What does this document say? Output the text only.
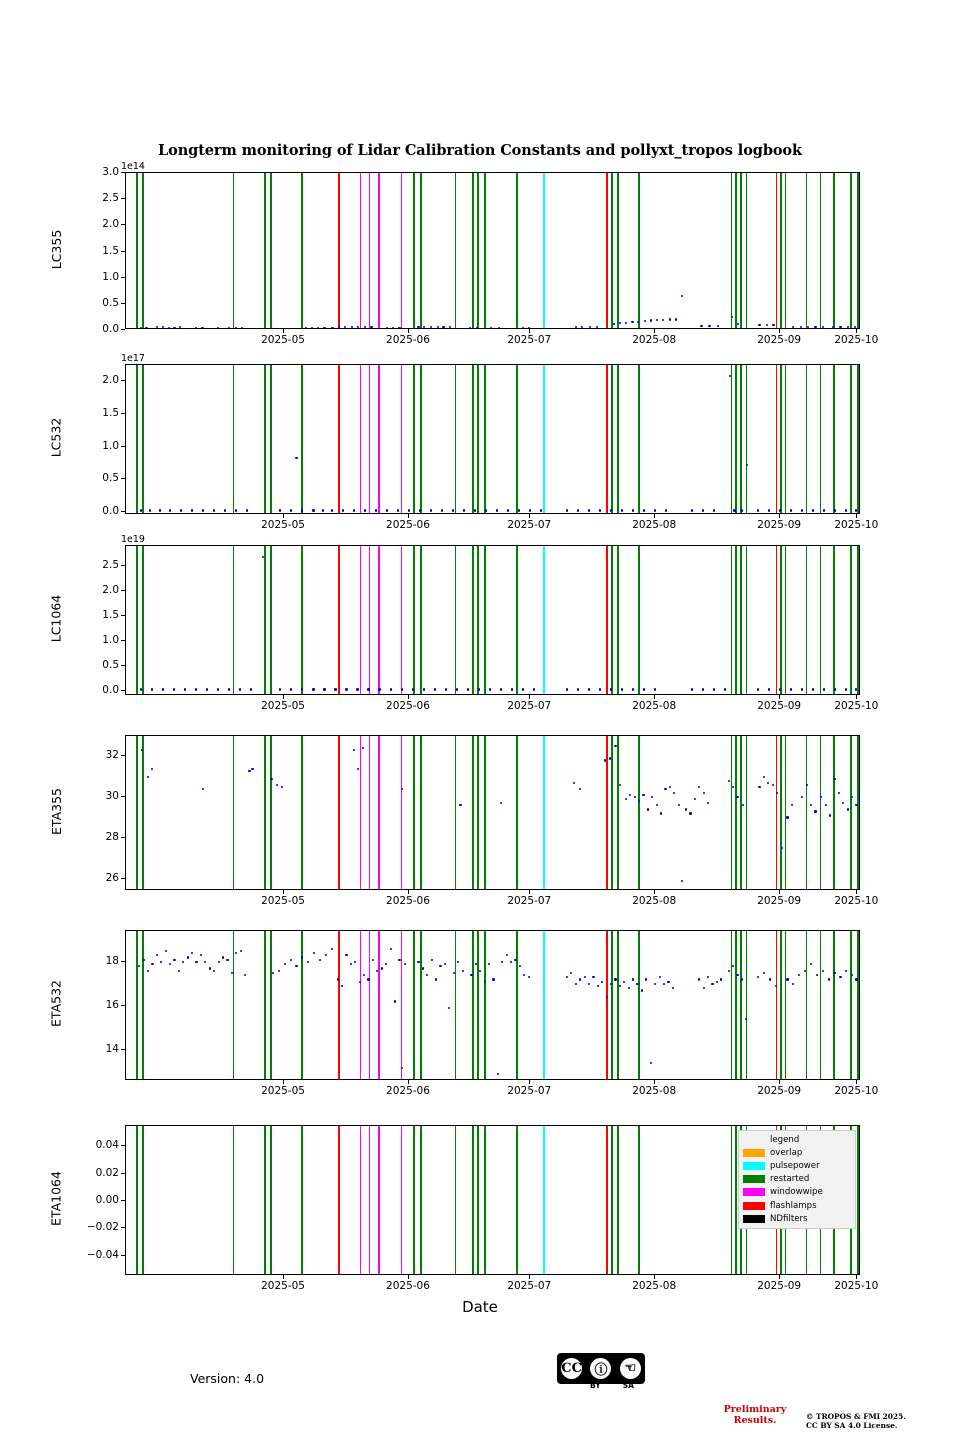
Longterm monitoring of Lidar Calibration Constants and pollyxt_tropos logbook
LC355
1e14
0.0
0.5
1.0
1.5
2.0
2.5
3.0
2025-05	2025-06	2025-07	2025-08	2025-09	2025-10
LC532
1e17
0.0
0.5
1.0
1.5
2.0
2025-05	2025-06	2025-07	2025-08	2025-09	2025-10
LC1064
1e19
0.0
0.5
1.0
1.5
2.0
2.5
2025-05	2025-06	2025-07	2025-08	2025-09	2025-10
ETA355
26
28
30
32
2025-05	2025-06	2025-07	2025-08	2025-09	2025-10
ETA532
14
16
18
2025-05	2025-06	2025-07	2025-08	2025-09	2025-10
ETA1064
−0.04
−0.02
0.00
0.02
0.04
2025-05	2025-06	2025-07	2025-08	2025-09	2025-10
Date
legend
overlap
pulsepower
restarted
windowwipe
flashlamps
NDfilters
Version: 4.0
CC ⓘ	☜
BY	SA
Preliminary
Results.	© TROPOS & FMI 2025.
CC BY SA 4.0 License.
